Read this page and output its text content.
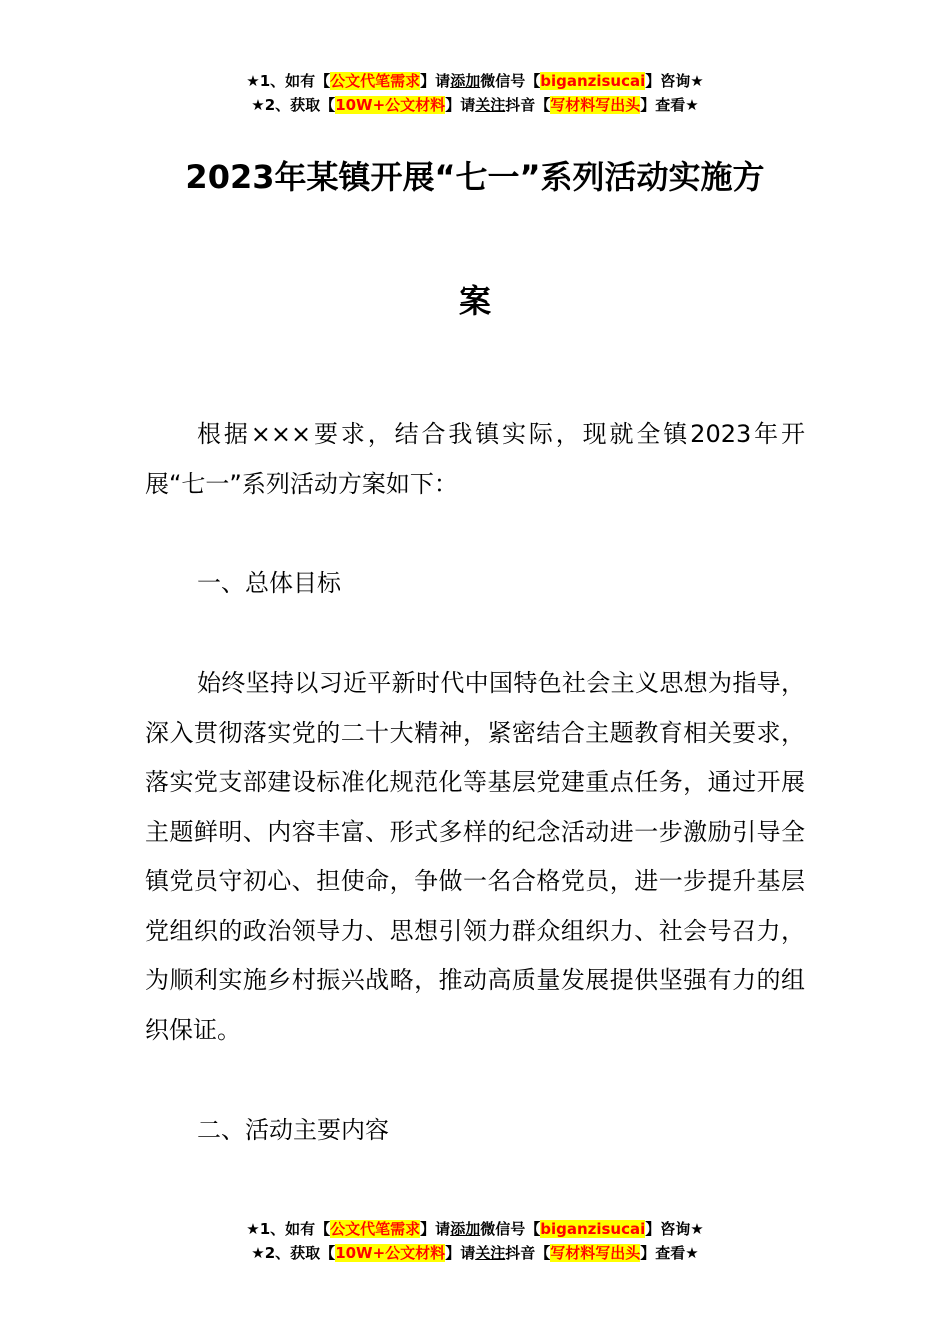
★1、如有【公文代笔需求】请添加微信号【biganzisucai】咨询★
★2、获取【10W+公文材料】请关注抖音【写材料写出头】查看★
2023年某镇开展“七一”系列活动实施方
案
根据×××要求，结合我镇实际，现就全镇2023年开展“七一”系列活动方案如下：
一、总体目标
始终坚持以习近平新时代中国特色社会主义思想为指导，深入贯彻落实党的二十大精神，紧密结合主题教育相关要求，落实党支部建设标准化规范化等基层党建重点任务，通过开展主题鲜明、内容丰富、形式多样的纪念活动进一步激励引导全镇党员守初心、担使命，争做一名合格党员，进一步提升基层党组织的政治领导力、思想引领力群众组织力、社会号召力，为顺利实施乡村振兴战略，推动高质量发展提供坚强有力的组织保证。
二、活动主要内容
★1、如有【公文代笔需求】请添加微信号【biganzisucai】咨询★
★2、获取【10W+公文材料】请关注抖音【写材料写出头】查看★
